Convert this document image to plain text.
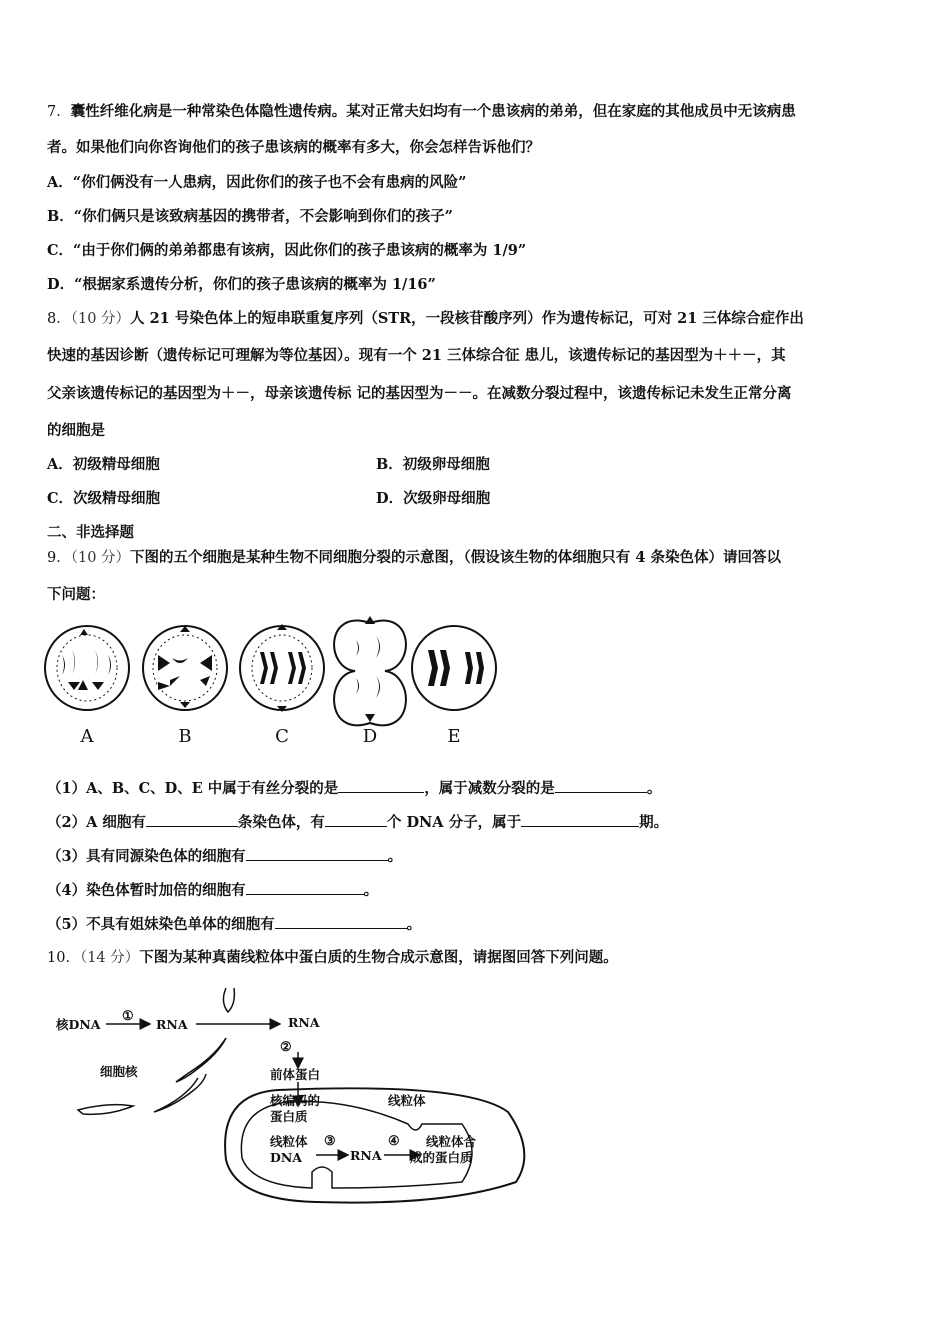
7．囊性纤维化病是一种常染色体隐性遗传病。某对正常夫妇均有一个患该病的弟弟，但在家庭的其他成员中无该病患
者。如果他们向你咨询他们的孩子患该病的概率有多大，你会怎样告诉他们？
A．“你们俩没有一人患病，因此你们的孩子也不会有患病的风险”
B．“你们俩只是该致病基因的携带者，不会影响到你们的孩子”
C．“由于你们俩的弟弟都患有该病，因此你们的孩子患该病的概率为 1/9”
D．“根据家系遗传分析，你们的孩子患该病的概率为 1/16”
8．（10 分）人 21 号染色体上的短串联重复序列（STR，一段核苷酸序列）作为遗传标记，可对 21 三体综合症作出
快速的基因诊断（遗传标记可理解为等位基因）。现有一个 21 三体综合征 患儿，该遗传标记的基因型为＋＋－，其
父亲该遗传标记的基因型为＋－，母亲该遗传标 记的基因型为－－。在减数分裂过程中，该遗传标记未发生正常分离
的细胞是
A．初级精母细胞	B．初级卵母细胞
C．次级精母细胞	D．次级卵母细胞
二、非选择题
9．（10 分）下图的五个细胞是某种生物不同细胞分裂的示意图，（假设该生物的体细胞只有 4 条染色体）请回答以
下问题：
A	B	C	D	E
（1）A、B、C、D、E 中属于有丝分裂的是	，属于减数分裂的是	。
（2）A 细胞有	条染色体，有	个 DNA 分子，属于	期。
（3）具有同源染色体的细胞有	。
（4）染色体暂时加倍的细胞有	。
（5）不具有姐妹染色单体的细胞有	。
10．（14 分）下图为某种真菌线粒体中蛋白质的生物合成示意图，请据图回答下列问题。
核DNA
①
RNA	RNA
②
前体蛋白
细胞核
核编码的
蛋白质
线粒体
线粒体
DNA
③
RNA
④ 线粒体合
成的蛋白质
